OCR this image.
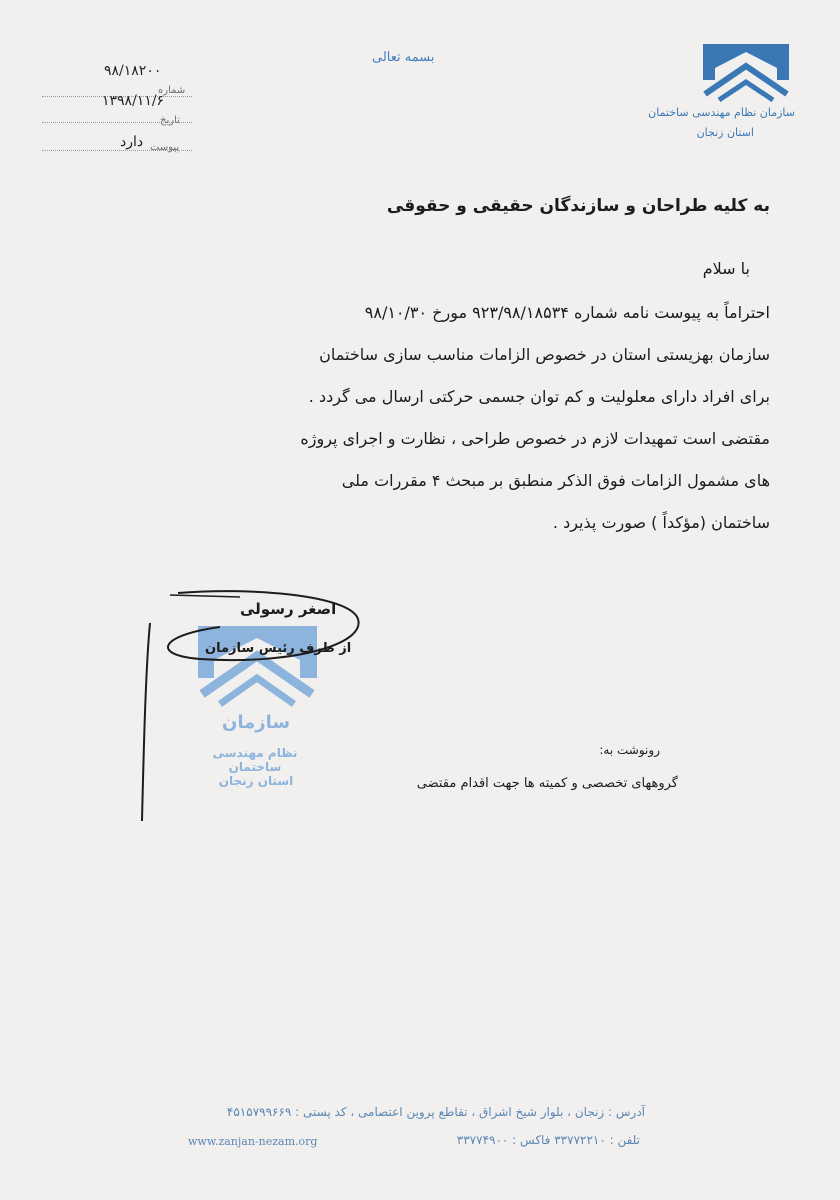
سازمان نظام مهندسی ساختمان
استان زنجان
بسمه تعالی
۹۸/۱۸۲۰۰
شماره
۱۳۹۸/۱۱/۶
تاریخ
دارد پیوست
به کلیه طراحان و سازندگان حقیقی و حقوقی
با سلام

احتراماً به پیوست نامه شماره ۹۲۳/۹۸/۱۸۵۳۴ مورخ ۹۸/۱۰/۳۰

سازمان بهزیستی استان در خصوص الزامات مناسب سازی ساختمان

برای افراد دارای معلولیت و کم توان جسمی حرکتی ارسال می گردد .

مقتضی است تمهیدات لازم در خصوص طراحی ، نظارت و اجرای پروژه

های مشمول الزامات فوق الذکر منطبق بر مبحث ۴ مقررات ملی

ساختمان (مؤکداً ) صورت پذیرد .

سازمان
نظام مهندسی ساختمان
استان زنجان
اصغر رسولی
از طرف رئیس سازمان
رونوشت به:
گروههای تخصصی و کمیته ها جهت اقدام مقتضی
آدرس : زنجان ، بلوار شیخ اشراق ، تقاطع پروین اعتصامی ، کد پستی : ۴۵۱۵۷۹۹۶۶۹
تلفن : ۳۳۷۷۲۲۱۰ فاکس : ۳۳۷۷۴۹۰۰
www.zanjan-nezam.org
